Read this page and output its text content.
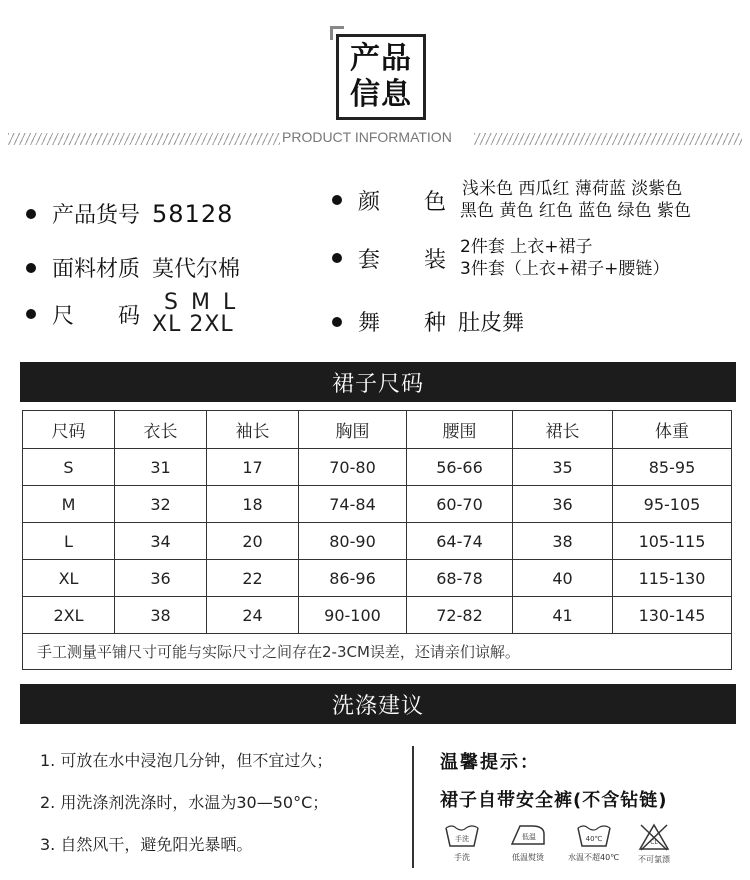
产品
信息
PRODUCT INFORMATION
产品货号 58128
面料材质 莫代尔棉
尺　　码
S M L
XL 2XL
颜　　色
浅米色 西瓜红 薄荷蓝 淡紫色
黑色 黄色 红色 蓝色 绿色 紫色
套　　装
2件套 上衣+裙子
3件套（上衣+裙子+腰链）
舞　　种 肚皮舞
裙子尺码
尺码	衣长	袖长	胸围	腰围	裙长	体重
S	31	17	70-80	56-66	35	85-95
M	32	18	74-84	60-70	36	95-105
L	34	20	80-90	64-74	38	105-115
XL	36	22	86-96	68-78	40	115-130
2XL	38	24	90-100	72-82	41	130-145
手工测量平铺尺寸可能与实际尺寸之间存在2-3CM误差，还请亲们谅解。						
洗涤建议
1. 可放在水中浸泡几分钟，但不宜过久；
2. 用洗涤剂洗涤时，水温为30—50°C；
3. 自然风干，避免阳光暴晒。
温馨提示：
裙子自带安全裤(不含钻链)
手洗
手洗
低温
低温熨烫
40℃
水温不超40℃
CL
不可氯漂
